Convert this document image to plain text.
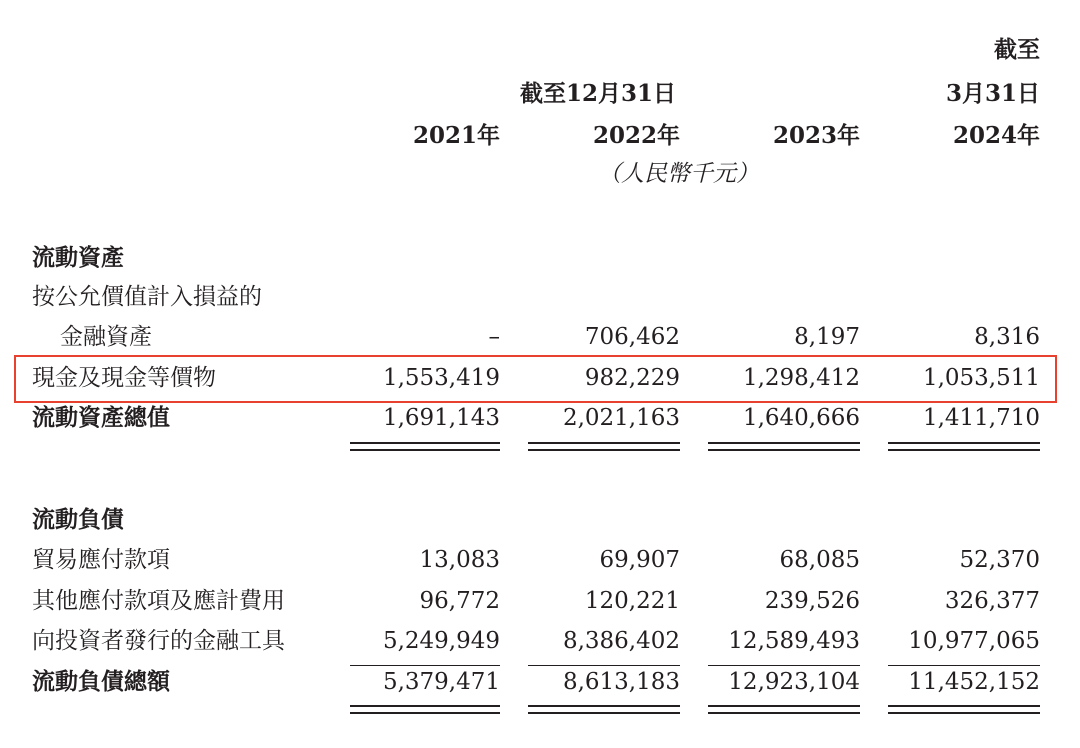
截至
截至12月31日	3月31日
2021年	2022年	2023年	2024年
（人民幣千元）
流動資產
按公允價值計入損益的
金融資產	–	706,462	8,197	8,316
現金及現金等價物	1,553,419	982,229	1,298,412	1,053,511
流動資產總值	1,691,143	2,021,163	1,640,666	1,411,710
流動負債
貿易應付款項	13,083	69,907	68,085	52,370
其他應付款項及應計費用	96,772	120,221	239,526	326,377
向投資者發行的金融工具	5,249,949	8,386,402 12,589,493 10,977,065
流動負債總額	5,379,471	8,613,183 12,923,104 11,452,152
